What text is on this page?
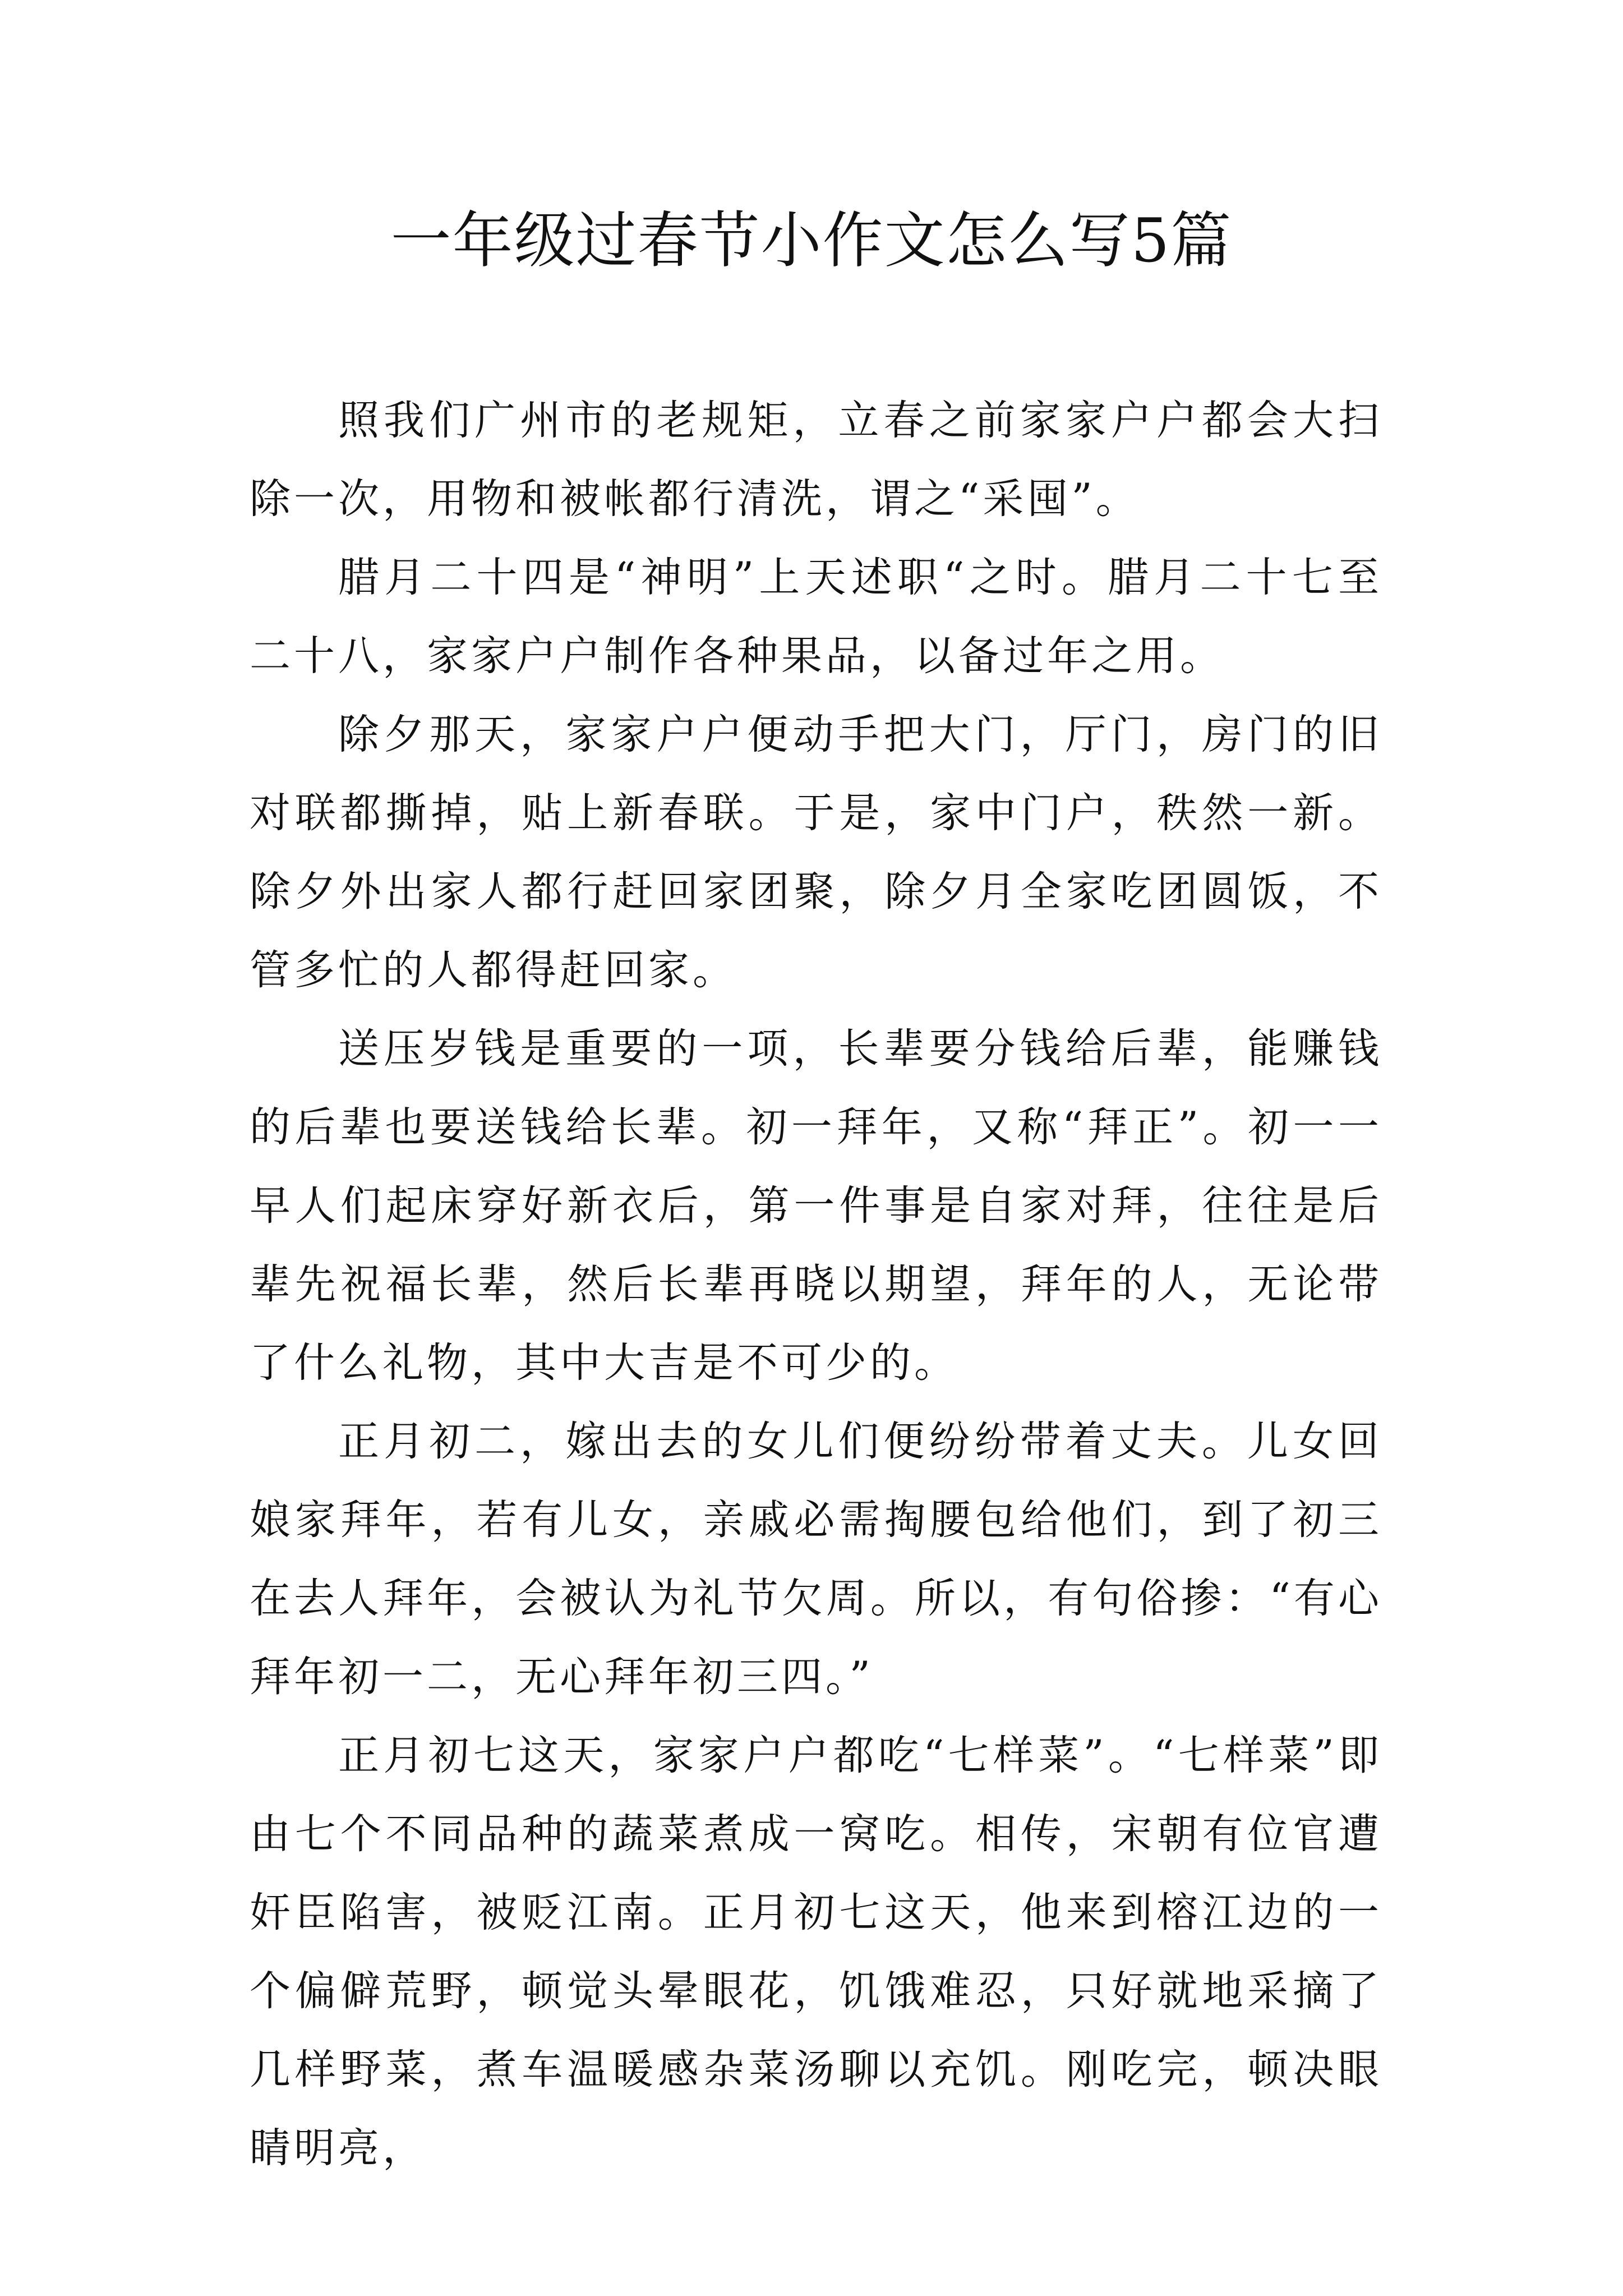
一年级过春节小作文怎么写5篇

照我们广州市的老规矩，立春之前家家户户都会大扫除一次，用物和被帐都行清洗，谓之“采囤”。

腊月二十四是“神明”上天述职“之时。腊月二十七至二十八，家家户户制作各种果品，以备过年之用。

除夕那天，家家户户便动手把大门，厅门，房门的旧对联都撕掉，贴上新春联。于是，家中门户，秩然一新。除夕外出家人都行赶回家团聚，除夕月全家吃团圆饭，不管多忙的人都得赶回家。

送压岁钱是重要的一项，长辈要分钱给后辈，能赚钱的后辈也要送钱给长辈。初一拜年，又称“拜正”。初一一早人们起床穿好新衣后，第一件事是自家对拜，往往是后辈先祝福长辈，然后长辈再晓以期望，拜年的人，无论带了什么礼物，其中大吉是不可少的。

正月初二，嫁出去的女儿们便纷纷带着丈夫。儿女回娘家拜年，若有儿女，亲戚必需掏腰包给他们，到了初三在去人拜年，会被认为礼节欠周。所以，有句俗掺：“有心拜年初一二，无心拜年初三四。”

正月初七这天，家家户户都吃“七样菜”。“七样菜”即由七个不同品种的蔬菜煮成一窝吃。相传，宋朝有位官遭奸臣陷害，被贬江南。正月初七这天，他来到榕江边的一个偏僻荒野，顿觉头晕眼花，饥饿难忍，只好就地采摘了几样野菜，煮车温暖感杂菜汤聊以充饥。刚吃完，顿决眼睛明亮，
